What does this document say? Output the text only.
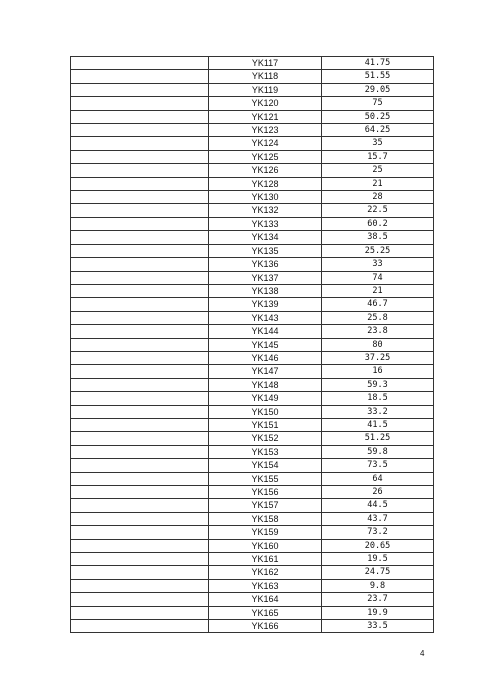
	YK117	41.75
	YK118	51.55
	YK119	29.05
	YK120	75
	YK121	50.25
	YK123	64.25
	YK124	35
	YK125	15.7
	YK126	25
	YK128	21
	YK130	28
	YK132	22.5
	YK133	60.2
	YK134	38.5
	YK135	25.25
	YK136	33
	YK137	74
	YK138	21
	YK139	46.7
	YK143	25.8
	YK144	23.8
	YK145	80
	YK146	37.25
	YK147	16
	YK148	59.3
	YK149	18.5
	YK150	33.2
	YK151	41.5
	YK152	51.25
	YK153	59.8
	YK154	73.5
	YK155	64
	YK156	26
	YK157	44.5
	YK158	43.7
	YK159	73.2
	YK160	20.65
	YK161	19.5
	YK162	24.75
	YK163	9.8
	YK164	23.7
	YK165	19.9
	YK166	33.5
4
